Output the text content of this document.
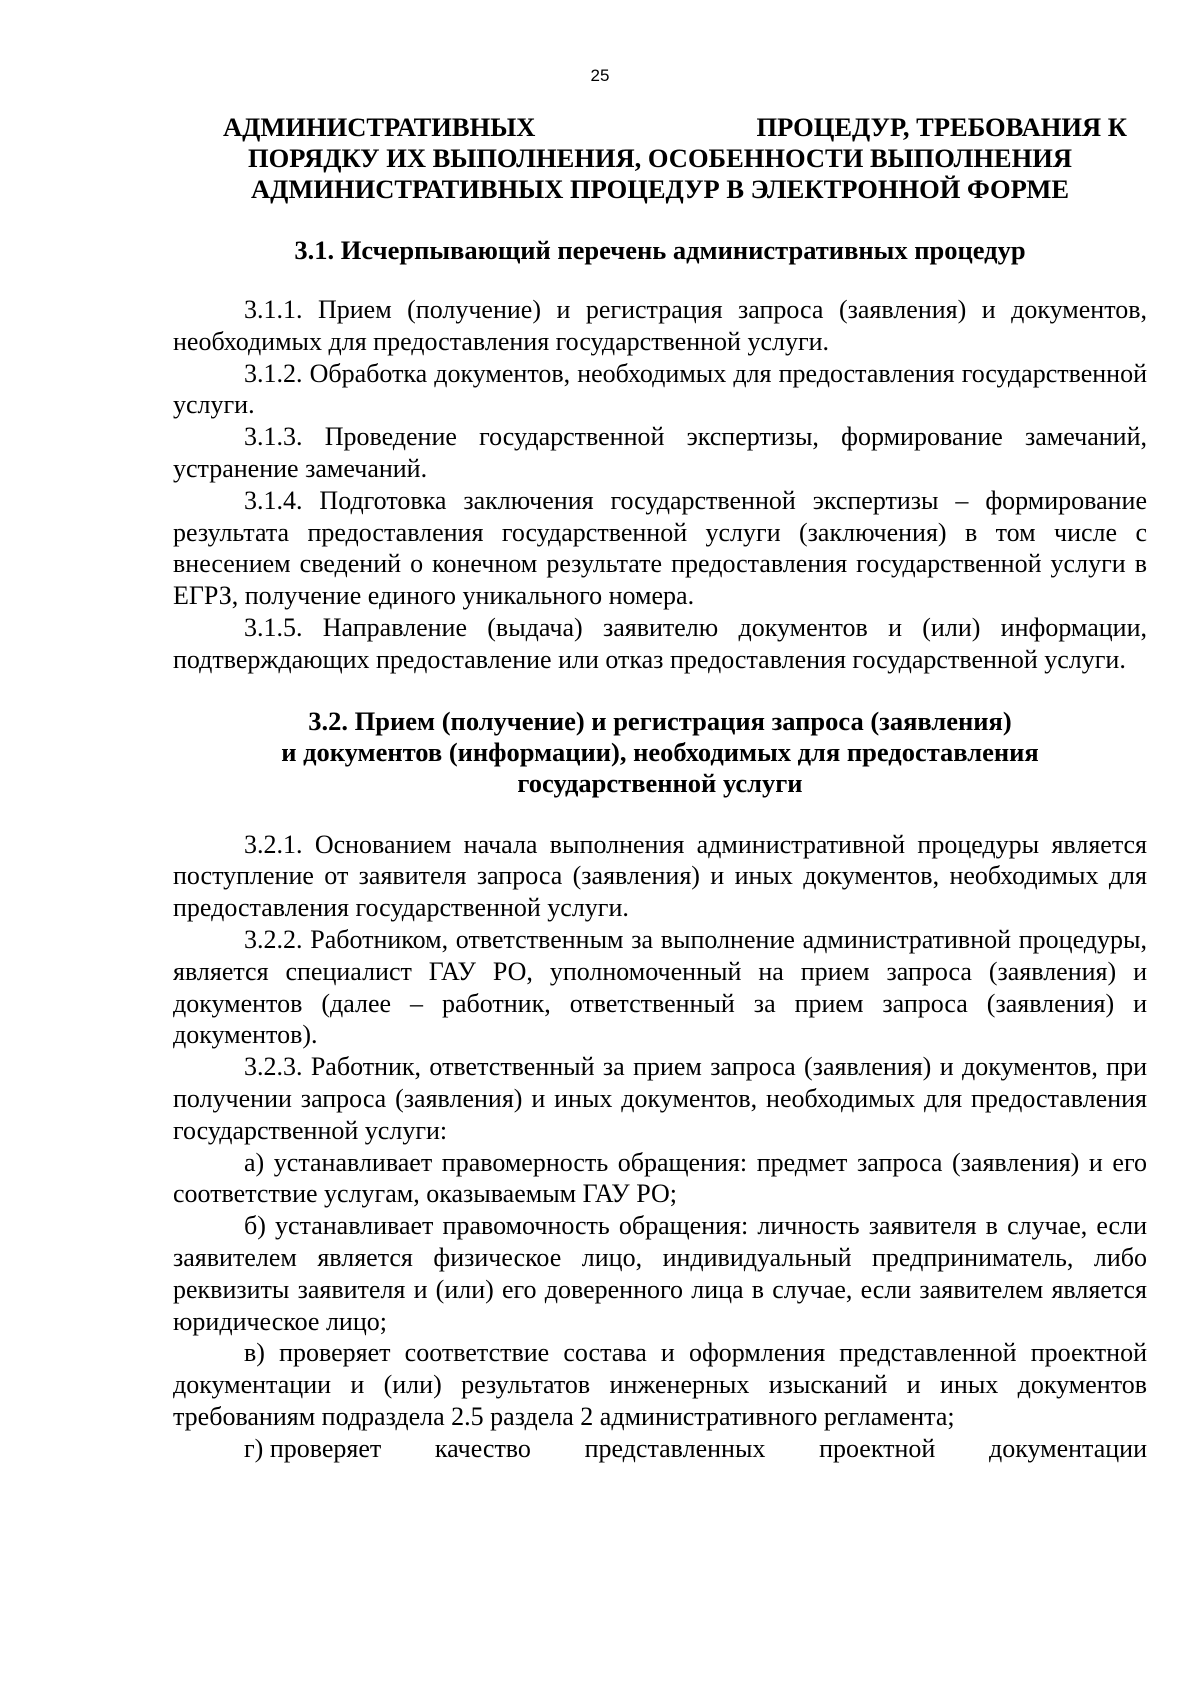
25
АДМИНИСТРАТИВНЫХ	ПРОЦЕДУР, ТРЕБОВАНИЯ К
ПОРЯДКУ ИХ ВЫПОЛНЕНИЯ, ОСОБЕННОСТИ ВЫПОЛНЕНИЯ
АДМИНИСТРАТИВНЫХ ПРОЦЕДУР В ЭЛЕКТРОННОЙ ФОРМЕ
3.1. Исчерпывающий перечень административных процедур

3.1.1. Прием (получение) и регистрация запроса (заявления) и документов, необходимых для предоставления государственной услуги.

3.1.2. Обработка документов, необходимых для предоставления государственной услуги.

3.1.3. Проведение государственной экспертизы, формирование замечаний, устранение замечаний.

3.1.4. Подготовка заключения государственной экспертизы – формирование результата предоставления государственной услуги (заключения) в том числе с внесением сведений о конечном результате предоставления государственной услуги в ЕГРЗ, получение единого уникального номера.

3.1.5. Направление (выдача) заявителю документов и (или) информации, подтверждающих предоставление или отказ предоставления государственной услуги.

3.2. Прием (получение) и регистрация запроса (заявления)
и документов (информации), необходимых для предоставления
государственной услуги

3.2.1. Основанием начала выполнения административной процедуры является поступление от заявителя запроса (заявления) и иных документов, необходимых для предоставления государственной услуги.

3.2.2. Работником, ответственным за выполнение административной процедуры, является специалист ГАУ РО, уполномоченный на прием запроса (заявления) и документов (далее – работник, ответственный за прием запроса (заявления) и документов).

3.2.3. Работник, ответственный за прием запроса (заявления) и документов, при получении запроса (заявления) и иных документов, необходимых для предоставления государственной услуги:

а) устанавливает правомерность обращения: предмет запроса (заявления) и его соответствие услугам, оказываемым ГАУ РО;

б) устанавливает правомочность обращения: личность заявителя в случае, если заявителем является физическое лицо, индивидуальный предприниматель, либо реквизиты заявителя и (или) его доверенного лица в случае, если заявителем является юридическое лицо;

в) проверяет соответствие состава и оформления представленной проектной документации и (или) результатов инженерных изысканий и иных документов требованиям подраздела 2.5 раздела 2 административного регламента;

г) проверяет качество представленных проектной документации
